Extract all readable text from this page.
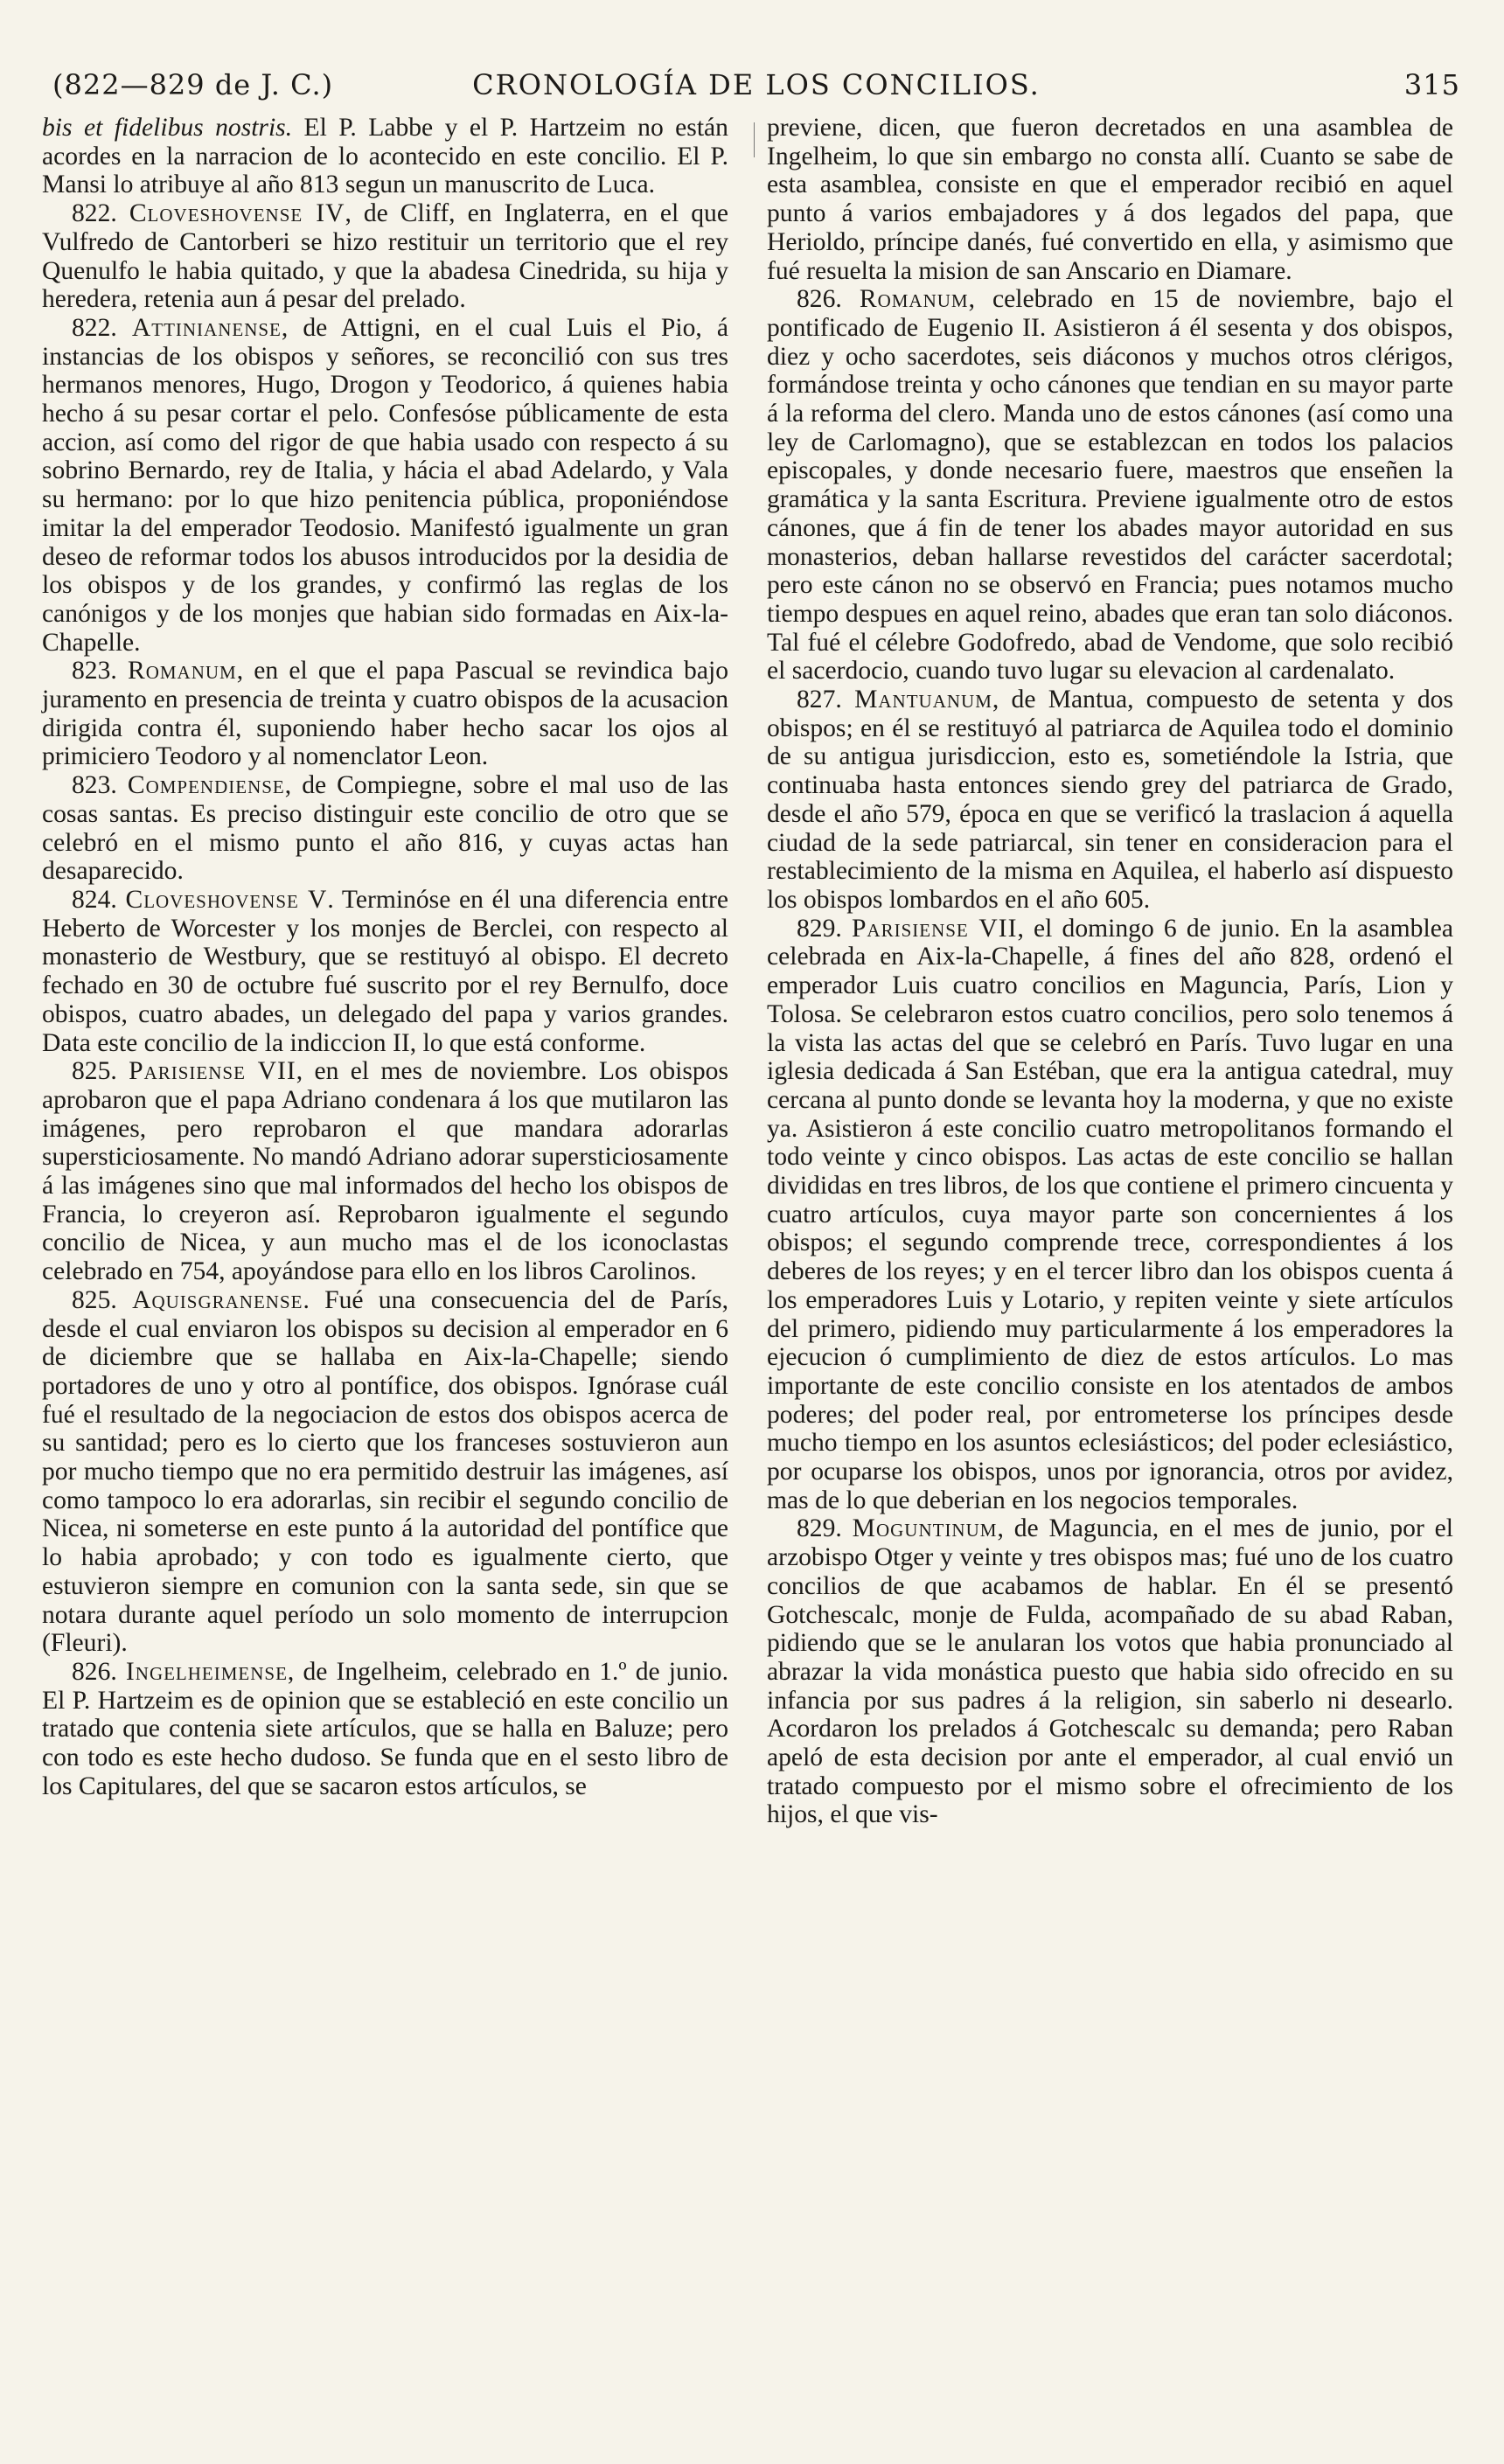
(822—829 de J. C.)	CRONOLOGÍA DE LOS CONCILIOS.	315

bis et fidelibus nostris. El P. Labbe y el P. Hartzeim no están acordes en la narracion de lo acontecido en este concilio. El P. Mansi lo atribuye al año 813 segun un manuscrito de Luca.

822. Cloveshovense IV, de Cliff, en Inglaterra, en el que Vulfredo de Cantorberi se hizo restituir un territorio que el rey Quenulfo le habia quitado, y que la abadesa Cinedrida, su hija y heredera, retenia aun á pesar del prelado.

822. Attinianense, de Attigni, en el cual Luis el Pio, á instancias de los obispos y señores, se reconcilió con sus tres hermanos menores, Hugo, Drogon y Teodorico, á quienes habia hecho á su pesar cortar el pelo. Confesóse públicamente de esta accion, así como del rigor de que habia usado con respecto á su sobrino Bernardo, rey de Italia, y hácia el abad Adelardo, y Vala su hermano: por lo que hizo penitencia pública, proponiéndose imitar la del emperador Teodosio. Manifestó igualmente un gran deseo de reformar todos los abusos introducidos por la desidia de los obispos y de los grandes, y confirmó las reglas de los canónigos y de los monjes que habian sido formadas en Aix-la-Chapelle.

823. Romanum, en el que el papa Pascual se revindica bajo juramento en presencia de treinta y cuatro obispos de la acusacion dirigida contra él, suponiendo haber hecho sacar los ojos al primiciero Teodoro y al nomenclator Leon.

823. Compendiense, de Compiegne, sobre el mal uso de las cosas santas. Es preciso distinguir este concilio de otro que se celebró en el mismo punto el año 816, y cuyas actas han desaparecido.

824. Cloveshovense V. Terminóse en él una diferencia entre Heberto de Worcester y los monjes de Berclei, con respecto al monasterio de Westbury, que se restituyó al obispo. El decreto fechado en 30 de octubre fué suscrito por el rey Bernulfo, doce obispos, cuatro abades, un delegado del papa y varios grandes. Data este concilio de la indiccion II, lo que está conforme.

825. Parisiense VII, en el mes de noviembre. Los obispos aprobaron que el papa Adriano condenara á los que mutilaron las imágenes, pero reprobaron el que mandara adorarlas supersticiosamente. No mandó Adriano adorar supersticiosamente á las imágenes sino que mal informados del hecho los obispos de Francia, lo creyeron así. Reprobaron igualmente el segundo concilio de Nicea, y aun mucho mas el de los iconoclastas celebrado en 754, apoyándose para ello en los libros Carolinos.

825. Aquisgranense. Fué una consecuencia del de París, desde el cual enviaron los obispos su decision al emperador en 6 de diciembre que se hallaba en Aix-la-Chapelle; siendo portadores de uno y otro al pontífice, dos obispos. Ignórase cuál fué el resultado de la negociacion de estos dos obispos acerca de su santidad; pero es lo cierto que los franceses sostuvieron aun por mucho tiempo que no era permitido destruir las imágenes, así como tampoco lo era adorarlas, sin recibir el segundo concilio de Nicea, ni someterse en este punto á la autoridad del pontífice que lo habia aprobado; y con todo es igualmente cierto, que estuvieron siempre en comunion con la santa sede, sin que se notara durante aquel período un solo momento de interrupcion (Fleuri).

826. Ingelheimense, de Ingelheim, celebrado en 1.º de junio. El P. Hartzeim es de opinion que se estableció en este concilio un tratado que contenia siete artículos, que se halla en Baluze; pero con todo es este hecho dudoso. Se funda que en el sesto libro de los Capitulares, del que se sacaron estos artículos, se

previene, dicen, que fueron decretados en una asamblea de Ingelheim, lo que sin embargo no consta allí. Cuanto se sabe de esta asamblea, consiste en que el emperador recibió en aquel punto á varios embajadores y á dos legados del papa, que Herioldo, príncipe danés, fué convertido en ella, y asimismo que fué resuelta la mision de san Anscario en Diamare.

826. Romanum, celebrado en 15 de noviembre, bajo el pontificado de Eugenio II. Asistieron á él sesenta y dos obispos, diez y ocho sacerdotes, seis diáconos y muchos otros clérigos, formándose treinta y ocho cánones que tendian en su mayor parte á la reforma del clero. Manda uno de estos cánones (así como una ley de Carlomagno), que se establezcan en todos los palacios episcopales, y donde necesario fuere, maestros que enseñen la gramática y la santa Escritura. Previene igualmente otro de estos cánones, que á fin de tener los abades mayor autoridad en sus monasterios, deban hallarse revestidos del carácter sacerdotal; pero este cánon no se observó en Francia; pues notamos mucho tiempo despues en aquel reino, abades que eran tan solo diáconos. Tal fué el célebre Godofredo, abad de Vendome, que solo recibió el sacerdocio, cuando tuvo lugar su elevacion al cardenalato.

827. Mantuanum, de Mantua, compuesto de setenta y dos obispos; en él se restituyó al patriarca de Aquilea todo el dominio de su antigua jurisdiccion, esto es, sometiéndole la Istria, que continuaba hasta entonces siendo grey del patriarca de Grado, desde el año 579, época en que se verificó la traslacion á aquella ciudad de la sede patriarcal, sin tener en consideracion para el restablecimiento de la misma en Aquilea, el haberlo así dispuesto los obispos lombardos en el año 605.

829. Parisiense VII, el domingo 6 de junio. En la asamblea celebrada en Aix-la-Chapelle, á fines del año 828, ordenó el emperador Luis cuatro concilios en Maguncia, París, Lion y Tolosa. Se celebraron estos cuatro concilios, pero solo tenemos á la vista las actas del que se celebró en París. Tuvo lugar en una iglesia dedicada á San Estéban, que era la antigua catedral, muy cercana al punto donde se levanta hoy la moderna, y que no existe ya. Asistieron á este concilio cuatro metropolitanos formando el todo veinte y cinco obispos. Las actas de este concilio se hallan divididas en tres libros, de los que contiene el primero cincuenta y cuatro artículos, cuya mayor parte son concernientes á los obispos; el segundo comprende trece, correspondientes á los deberes de los reyes; y en el tercer libro dan los obispos cuenta á los emperadores Luis y Lotario, y repiten veinte y siete artículos del primero, pidiendo muy particularmente á los emperadores la ejecucion ó cumplimiento de diez de estos artículos. Lo mas importante de este concilio consiste en los atentados de ambos poderes; del poder real, por entrometerse los príncipes desde mucho tiempo en los asuntos eclesiásticos; del poder eclesiástico, por ocuparse los obispos, unos por ignorancia, otros por avidez, mas de lo que deberian en los negocios temporales.

829. Moguntinum, de Maguncia, en el mes de junio, por el arzobispo Otger y veinte y tres obispos mas; fué uno de los cuatro concilios de que acabamos de hablar. En él se presentó Gotchescalc, monje de Fulda, acompañado de su abad Raban, pidiendo que se le anularan los votos que habia pronunciado al abrazar la vida monástica puesto que habia sido ofrecido en su infancia por sus padres á la religion, sin saberlo ni desearlo. Acordaron los prelados á Gotchescalc su demanda; pero Raban apeló de esta decision por ante el emperador, al cual envió un tratado compuesto por el mismo sobre el ofrecimiento de los hijos, el que vis-
